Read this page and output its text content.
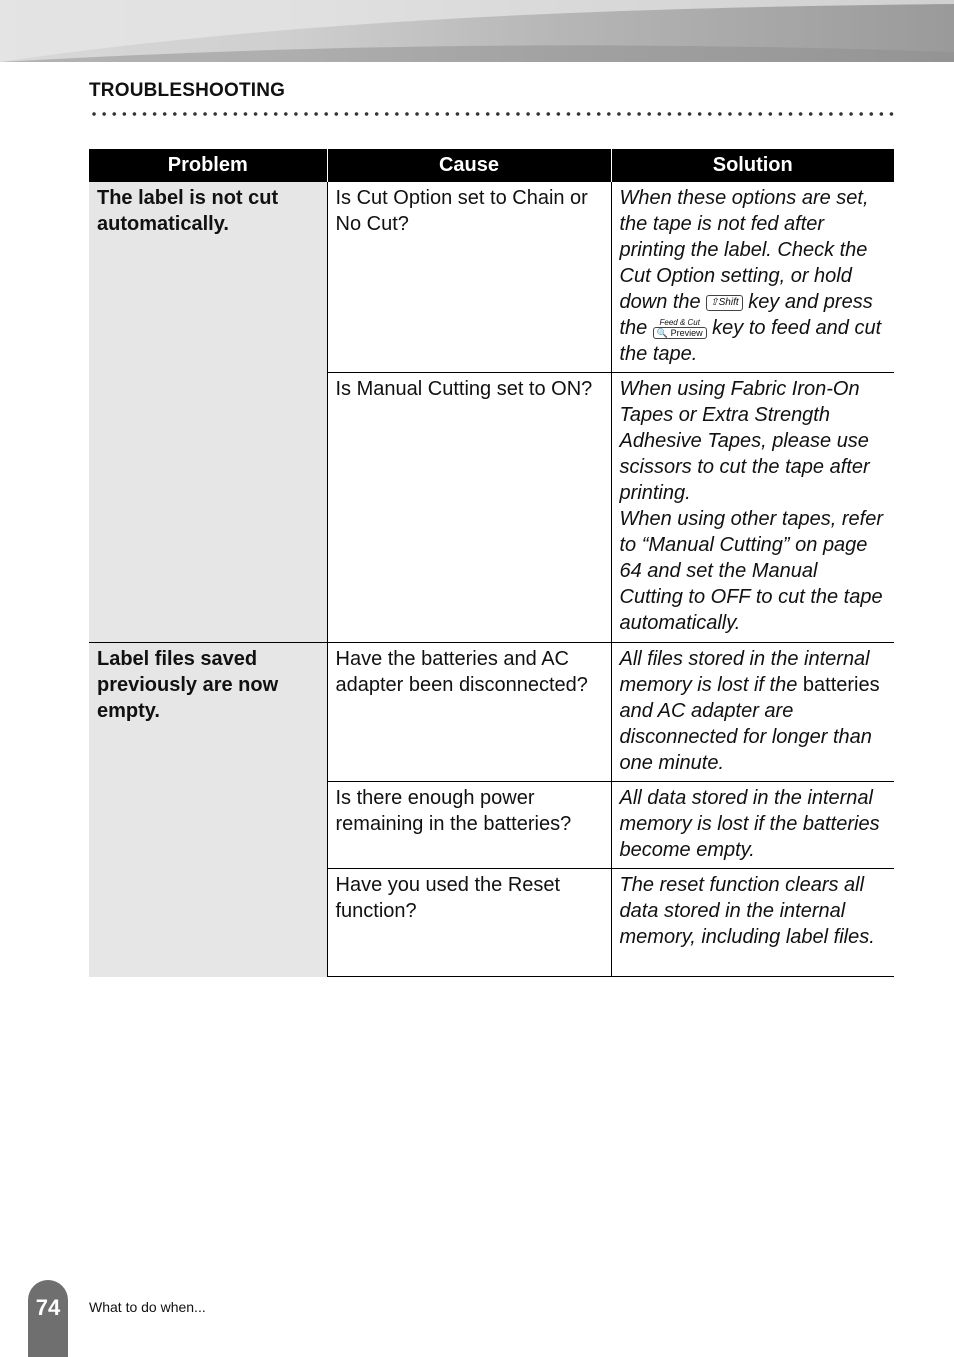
TROUBLESHOOTING
Problem	Cause	Solution
The label is not cut automatically.	Is Cut Option set to Chain or No Cut?	When these options are set, the tape is not fed after printing the label. Check the Cut Option setting, or hold down the ⇧Shift key and press the Feed & Cut
🔍 Preview key to feed and cut the tape.
	Is Manual Cutting set to ON?	When using Fabric Iron-On Tapes or Extra Strength Adhesive Tapes, please use scissors to cut the tape after printing.
When using other tapes, refer to “Manual Cutting” on page 64 and set the Manual Cutting to OFF to cut the tape automatically.

Label files saved previously are now empty.	Have the batteries and AC adapter been disconnected?	All files stored in the internal memory is lost if the batteries and AC adapter are disconnected for longer than one minute.
	Is there enough power remaining in the batteries?	All data stored in the internal memory is lost if the batteries become empty.
	Have you used the Reset function?	The reset function clears all data stored in the internal memory, including label files.
74	What to do when...
